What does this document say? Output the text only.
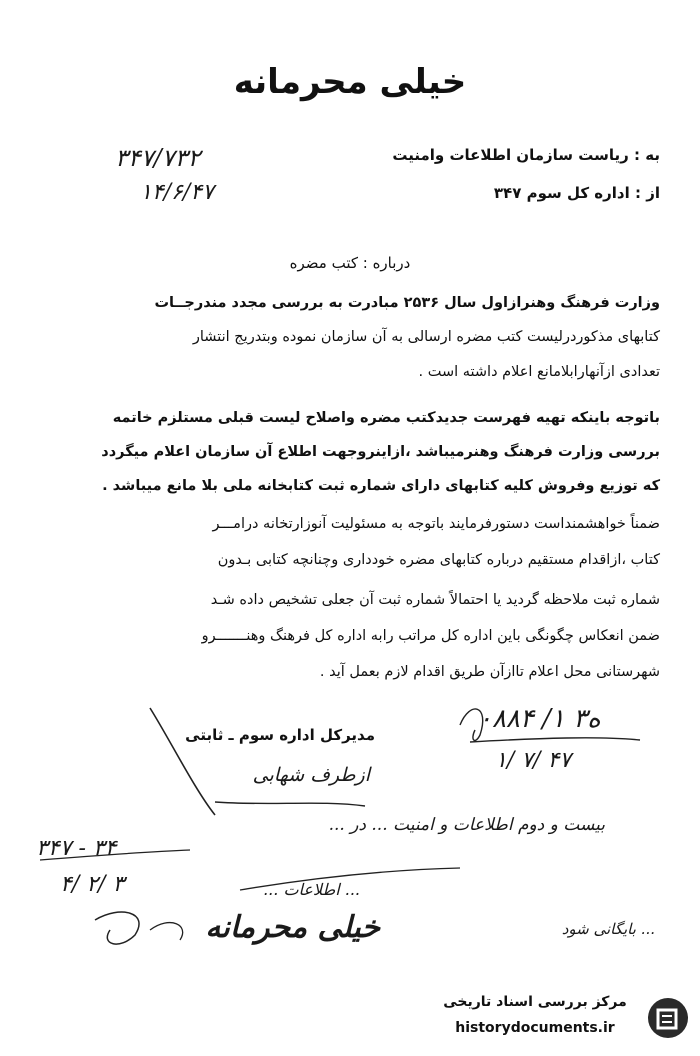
خیلی محرمانه
به : ریاست سازمان اطلاعات وامنیت
از : اداره کل سوم ۳۴۷
۳۴۷/۷۳۲
۱۴/۶/۴۷
درباره : کتب مضره
وزارت فرهنگ وهنرازاول سال ۲۵۳۶ مبادرت به بررسی مجدد مندرجــات
کتابهای مذکوردرلیست کتب مضره ارسالی به آن سازمان نموده وبتدریج انتشار
تعدادی ازآنهارابلامانع اعلام داشته است .
باتوجه باینکه تهیه فهرست جدیدکتب مضره واصلاح لیست قبلی مستلزم خاتمه
بررسی وزارت فرهنگ وهنرمیباشد ،ازاینروجهت اطلاع آن سازمان اعلام میگردد
که توزیع وفروش کلیه کتابهای دارای شماره ثبت کتابخانه ملی بلا مانع میباشد .
ضمناً خواهشمنداست دستورفرمایند باتوجه به مسئولیت آنوزارتخانه درامـــر
کتاب ،ازاقدام مستقیم درباره کتابهای مضره خودداری وچنانچه کتابی بـدون
شماره ثبت ملاحظه گردید یا احتمالاً شماره ثبت آن جعلی تشخیص داده شـد
ضمن انعکاس چگونگی باین اداره کل مراتب رابه اداره کل فرهنگ وهنـــــــرو
شهرستانی محل اعلام تاازآن طریق اقدام لازم بعمل آید .
۰۸۸۴ /۱ ه۳
۱/ ۷/ ۴۷
مدیرکل اداره سوم ـ ثابتی
ازطرف شهابی
بیست و دوم اطلاعات و امنیت ... در ...
... اطلاعات ...
خیلی محرمانه
۳۴۷ - ۳۴
۴/ ۲/ ۳
... بایگانی شود
مرکز بررسی اسناد تاریخی
historydocuments.ir
